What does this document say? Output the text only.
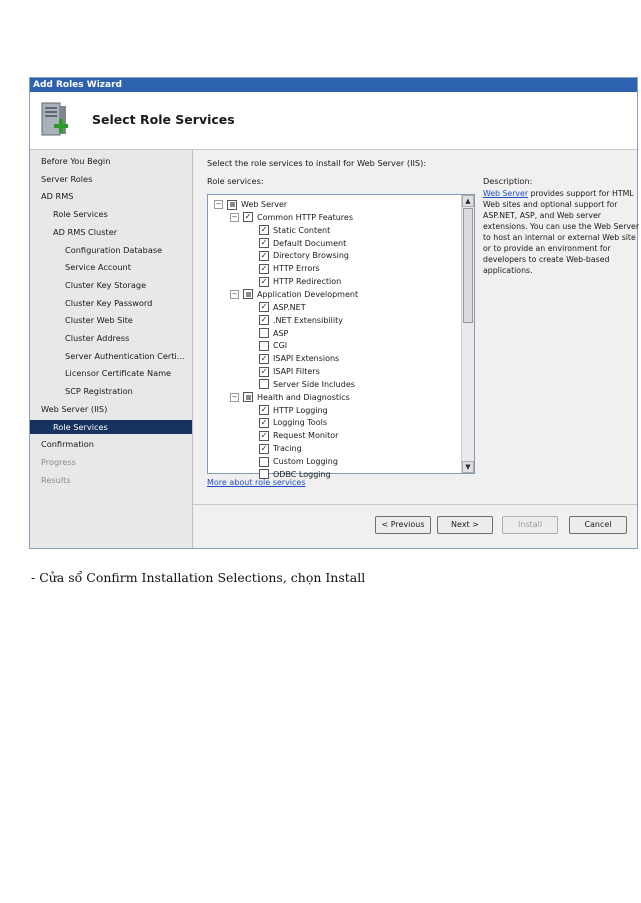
Add Roles Wizard
Select Role Services
Before You Begin
Server Roles
AD RMS
Role Services
AD RMS Cluster
Configuration Database
Service Account
Cluster Key Storage
Cluster Key Password
Cluster Web Site
Cluster Address
Server Authentication Certi...
Licensor Certificate Name
SCP Registration
Web Server (IIS)
Role Services
Confirmation
Progress
Results
Select the role services to install for Web Server (IIS):
Role services:	Description:
− Web Server
− ✓ Common HTTP Features
✓ Static Content
✓ Default Document
✓ Directory Browsing
✓ HTTP Errors
✓ HTTP Redirection
− Application Development
✓ ASP.NET
✓ .NET Extensibility
ASP
CGI
✓ ISAPI Extensions
✓ ISAPI Filters
Server Side Includes
− Health and Diagnostics
✓ HTTP Logging
✓ Logging Tools
✓ Request Monitor
✓ Tracing
Custom Logging
ODBC Logging
▲
▼
Web Server provides support for HTML Web sites and optional support for ASP.NET, ASP, and Web server extensions. You can use the Web Server to host an internal or external Web site or to provide an environment for developers to create Web-based applications.
More about role services
< Previous	Next >	Install	Cancel
- Cửa sổ Confirm Installation Selections, chọn Install
